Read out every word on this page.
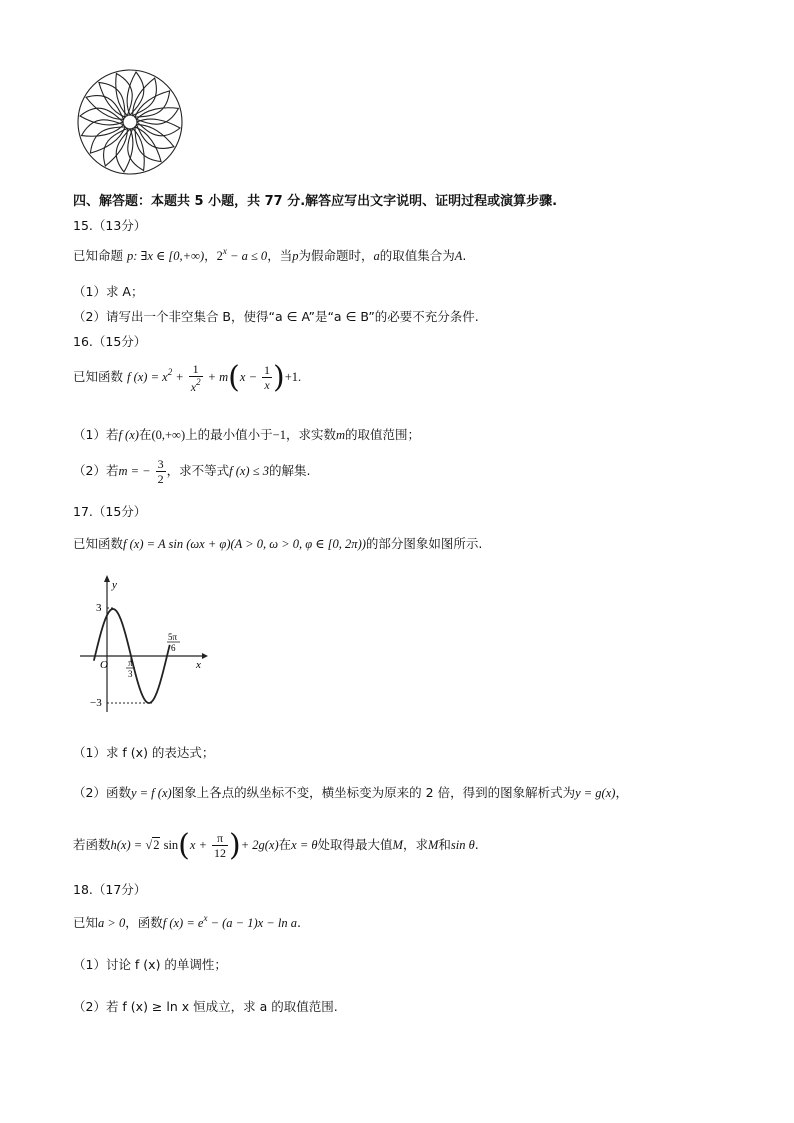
四、解答题：本题共 5 小题，共 77 分.解答应写出文字说明、证明过程或演算步骤.
15.（13分）
已知命题 p: ∃x ∈ [0,+∞)，$2^x - a \le 0$，当p为假命题时，a的取值集合为A.
（1）求 A；
（2）请写出一个非空集合 B，使得“a ∈ A”是“a ∈ B”的必要不充分条件.
16.（15分）
已知函数 f $(x) = x^2 + \frac{1}{x^2} + m(x - \frac{1}{x} )+1$.
（1）若f (x)在(0,+∞)上的最小值小于−1，求实数m的取值范围；
（2）若m = − $\frac{3}{2}$ ，求不等式f (x) ≤ 3的解集.
17.（15分）
已知函数f (x) = A sin (ωx + φ)(A > 0, ω > 0, φ ∈ [0, 2π))的部分图象如图所示.
y
x
O
3
−3
π
3
5π
6
（1）求 f (x) 的表达式；
（2）函数y = f (x)图象上各点的纵坐标不变，横坐标变为原来的 2 倍，得到的图象解析式为y = g(x)，
若函数h(x) = √2 $\sin(x + \frac{\pi}{12}$ )+ 2g(x)在x = θ处取得最大值M，求M和sin θ.
18.（17分）
已知a > 0，函数f $(x) = e^x - (a - 1)x - \ln a$.
（1）讨论 f (x) 的单调性；
（2）若 f (x) ≥ ln x 恒成立，求 a 的取值范围.
